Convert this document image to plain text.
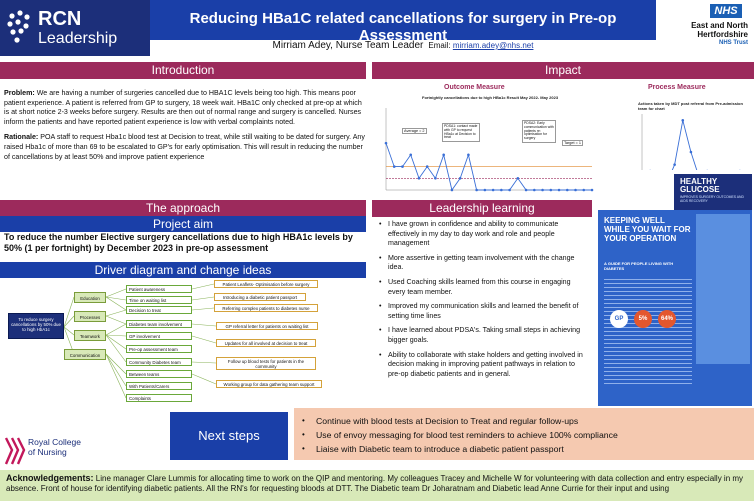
RCN
Leadership
Reducing HBa1C related cancellations for surgery in Pre-op Assessment
Mirriam Adey, Nurse Team Leader Email: mirriam.adey@nhs.net
NHS
East and North
Hertfordshire
NHS Trust
Introduction

Problem: We are having a number of surgeries cancelled due to HBA1C levels being too high. This means poor patient experience. A patient is referred from GP to surgery, 18 week wait. HBa1C only checked at pre-op at which is at short notice 2-3 weeks before surgery. Results are then out of normal range and surgery is cancelled. Nurses inform the patients and have reported patient experience is low with verbal complaints noted.

Rationale: POA staff to request Hba1c blood test at Decision to treat, while still waiting to be dated for surgery. Any raised Hba1c of more than 69 to be escalated to GP's for early optimisation. This will result in reducing the number of cancellations by at least 50% and improve patient experience

Impact
Outcome Measure
Fortnightly cancellations due to high HBa1c Result May 2022- May 2023
Process Measure
Actions taken by MDT post referral from Pre-admission team for chart
Average = 2
PDSA1: contact made with GP to request HBa1c at Decision to treat
PDSA2: Early communication with patients re: optimisation for surgery
Target = 1
The approach
Project aim
To reduce the number Elective surgery cancellations due to high HBA1c levels by 50% (1 per fortnight) by December 2023 in pre-op assessment
Driver diagram and change ideas
To reduce surgery cancellations by 50% due to high HbA1c
Education
Processes
Teamwork
Communication
Patient awareness
Time on waiting list
Decision to treat
Diabetes team involvement
GP involvement
Pre-op assessment team
Community Diabetes team
Between teams
With Patients/Carers
Complaints
Patient Leaflets- Optimisation before surgery
Introducing a diabetic patient passport
Referring complex patients to diabetes nurse
GP referral letter for patients on waiting list
Updates for all involved at decision to treat
Follow up blood tests for patients in the community
Working group for data gathering team support
Leadership learning
• I have grown in confidence and ability to communicate effectively in my day to day work and role and people management
• More assertive in getting team involvement with the change idea.
• Used Coaching skills learned from this course in engaging every team member.
• Improved my communication skills and learned the benefit of setting time lines
• I have learned about PDSA's. Taking small steps in achieving bigger goals.
• Ability to collaborate with stake holders and getting involved in decision making in improving patient pathways in relation to pre-op diabetic patients and in general.
HEALTHY GLUCOSE
IMPROVES SURGERY OUTCOMES AND AIDS RECOVERY
KEEPING WELL WHILE YOU WAIT FOR YOUR OPERATION
A GUIDE FOR PEOPLE LIVING WITH DIABETES
GP	5%	64%
Royal College
of Nursing
Next steps
• Continue with blood tests at Decision to Treat and regular follow-ups
• Use of envoy messaging for blood test reminders to achieve 100% compliance
• Liaise with Diabetic team to introduce a diabetic patient passport
Acknowledgements: Line manager Clare Lummis for allocating time to work on the QIP and mentoring. My colleagues Tracey and Michelle W for volunteering with data collection and entry especially in my absence. Front of house for identifying diabetic patients. All the RN's for requesting bloods at DTT. The Diabetic team Dr Joharatnam and Diabetic lead Anne Currie for their input and using
